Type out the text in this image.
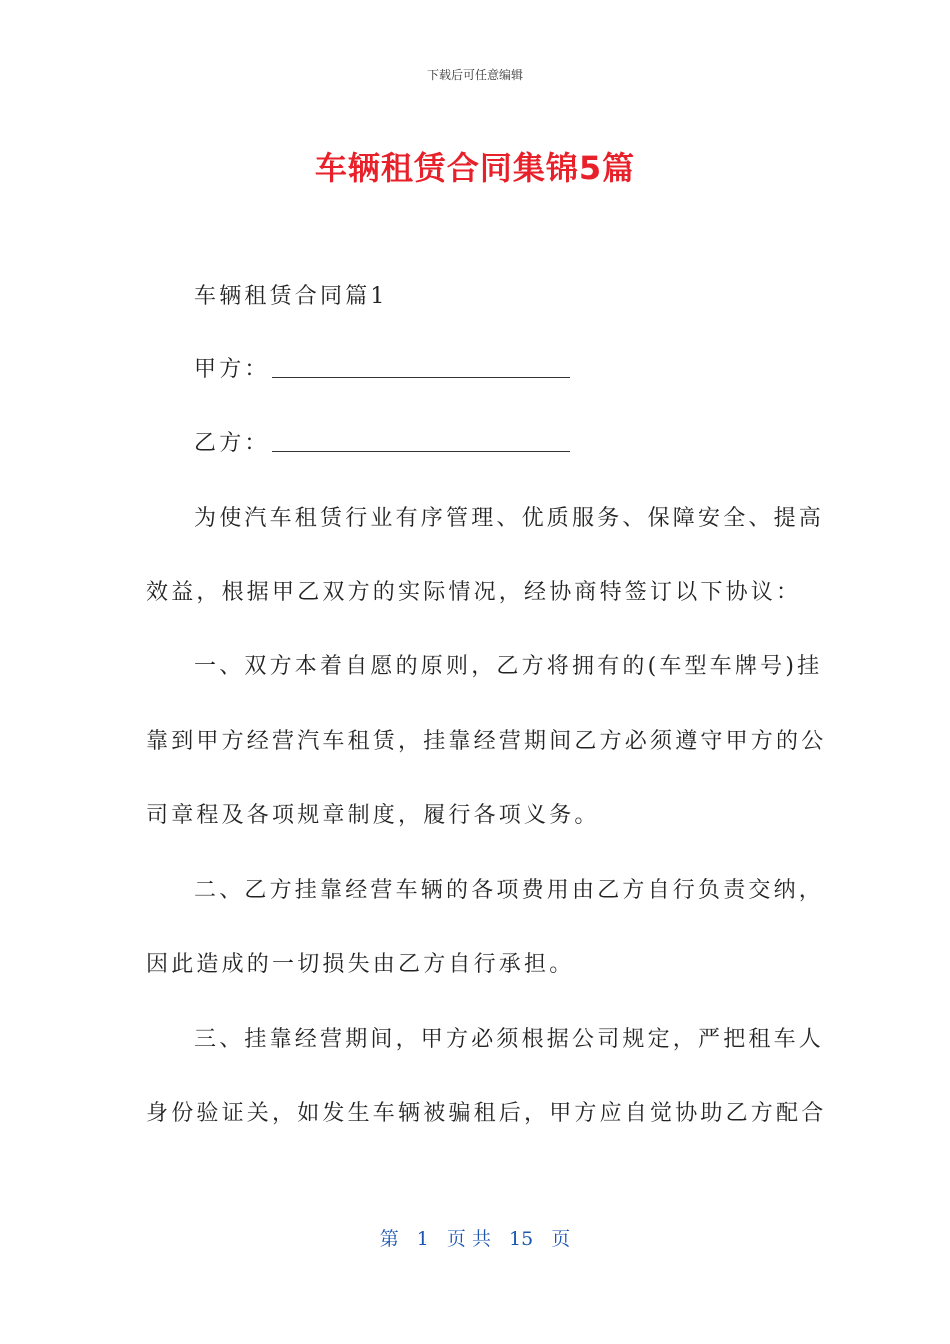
下载后可任意编辑
车辆租赁合同集锦5篇
车辆租赁合同篇1
甲方：
乙方：
为使汽车租赁行业有序管理、优质服务、保障安全、提高
效益，根据甲乙双方的实际情况，经协商特签订以下协议：
一、双方本着自愿的原则，乙方将拥有的(车型车牌号)挂
靠到甲方经营汽车租赁，挂靠经营期间乙方必须遵守甲方的公
司章程及各项规章制度，履行各项义务。
二、乙方挂靠经营车辆的各项费用由乙方自行负责交纳，
因此造成的一切损失由乙方自行承担。
三、挂靠经营期间，甲方必须根据公司规定，严把租车人
身份验证关，如发生车辆被骗租后，甲方应自觉协助乙方配合
第 1 页 共 15 页
